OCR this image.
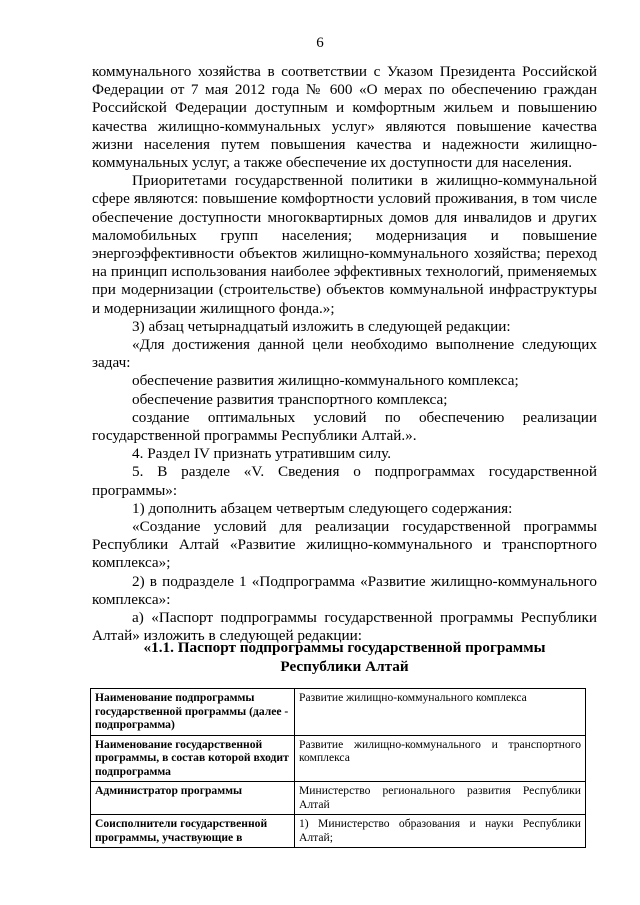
6

коммунального хозяйства в соответствии с Указом Президента Российской Федерации от 7 мая 2012 года № 600 «О мерах по обеспечению граждан Российской Федерации доступным и комфортным жильем и повышению качества жилищно-коммунальных услуг» являются повышение качества жизни населения путем повышения качества и надежности жилищно-коммунальных услуг, а также обеспечение их доступности для населения.

Приоритетами государственной политики в жилищно-коммунальной сфере являются: повышение комфортности условий проживания, в том числе обеспечение доступности многоквартирных домов для инвалидов и других маломобильных групп населения; модернизация и повышение энергоэффективности объектов жилищно-коммунального хозяйства; переход на принцип использования наиболее эффективных технологий, применяемых при модернизации (строительстве) объектов коммунальной инфраструктуры и модернизации жилищного фонда.»;

3) абзац четырнадцатый изложить в следующей редакции:

«Для достижения данной цели необходимо выполнение следующих задач:

обеспечение развития жилищно-коммунального комплекса;

обеспечение развития транспортного комплекса;

создание оптимальных условий по обеспечению реализации государственной программы Республики Алтай.».

4. Раздел IV признать утратившим силу.

5. В разделе «V. Сведения о подпрограммах государственной программы»:

1) дополнить абзацем четвертым следующего содержания:

«Создание условий для реализации государственной программы Республики Алтай «Развитие жилищно-коммунального и транспортного комплекса»;

2) в подразделе 1 «Подпрограмма «Развитие жилищно-коммунального комплекса»:

а) «Паспорт подпрограммы государственной программы Республики Алтай» изложить в следующей редакции:

«1.1. Паспорт подпрограммы государственной программы
Республики Алтай
Наименование подпрограммы государственной программы (далее - подпрограмма)	Развитие жилищно-коммунального комплекса
Наименование государственной программы, в состав которой входит подпрограмма	Развитие жилищно-коммунального и транспортного комплекса
Администратор программы	Министерство регионального развития Республики Алтай
Соисполнители государственной программы, участвующие в	1) Министерство образования и науки Республики Алтай;
